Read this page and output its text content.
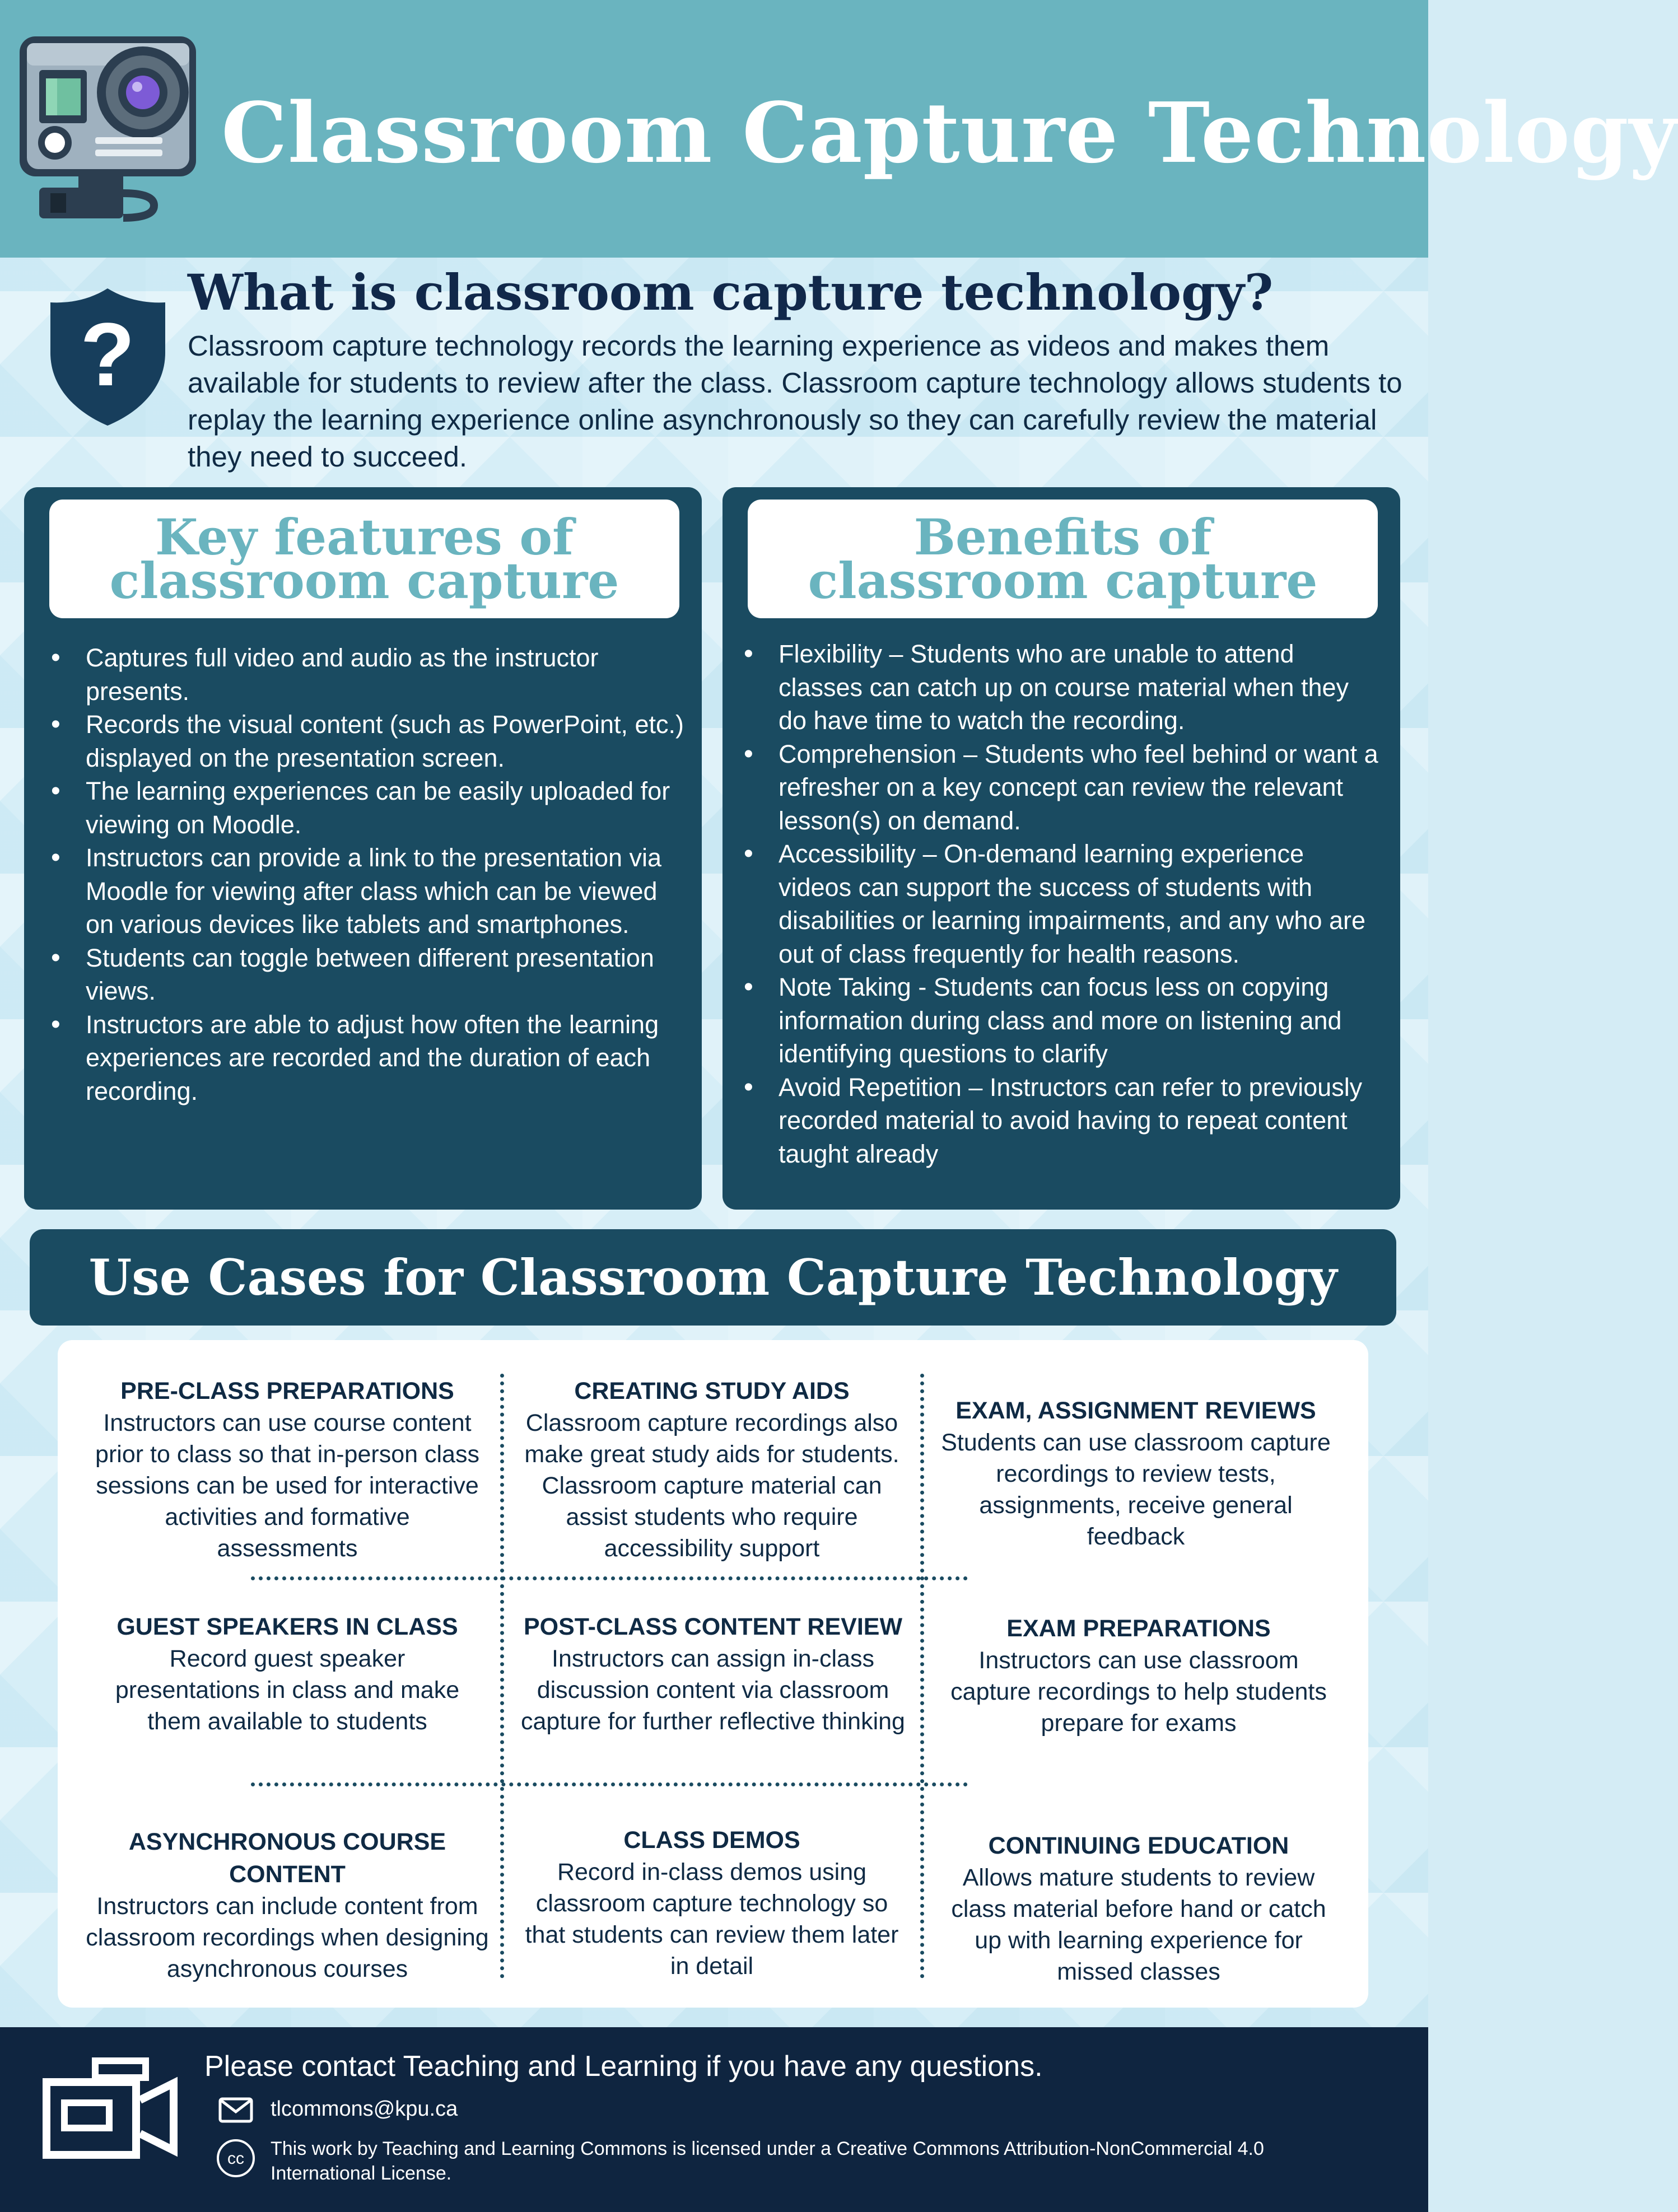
Classroom Capture Technology
?
What is classroom capture technology?
Classroom capture technology records the learning experience as videos and makes them available for students to review after the class. Classroom capture technology allows students to replay the learning experience online asynchronously so they can carefully review the material they need to succeed.
Key features of
classroom capture
• Captures full video and audio as the instructor presents.
• Records the visual content (such as PowerPoint, etc.) displayed on the presentation screen.
• The learning experiences can be easily uploaded for viewing on Moodle.
• Instructors can provide a link to the presentation via Moodle for viewing after class which can be viewed on various devices like tablets and smartphones.
• Students can toggle between different presentation views.
• Instructors are able to adjust how often the learning experiences are recorded and the duration of each recording.
Benefits of
classroom capture
• Flexibility – Students who are unable to attend classes can catch up on course material when they do have time to watch the recording.
• Comprehension – Students who feel behind or want a refresher on a key concept can review the relevant lesson(s) on demand.
• Accessibility – On-demand learning experience videos can support the success of students with disabilities or learning impairments, and any who are out of class frequently for health reasons.
• Note Taking - Students can focus less on copying information during class and more on listening and identifying questions to clarify
• Avoid Repetition – Instructors can refer to previously recorded material to avoid having to repeat content taught already
Use Cases for Classroom Capture Technology
PRE-CLASS PREPARATIONS
Instructors can use course content prior to class so that in-person class sessions can be used for interactive activities and formative assessments
CREATING STUDY AIDS
Classroom capture recordings also make great study aids for students. Classroom capture material can assist students who require accessibility support
EXAM, ASSIGNMENT REVIEWS
Students can use classroom capture recordings to review tests, assignments, receive general feedback
GUEST SPEAKERS IN CLASS
Record guest speaker presentations in class and make them available to students
POST-CLASS CONTENT REVIEW
Instructors can assign in-class discussion content via classroom capture for further reflective thinking
EXAM PREPARATIONS
Instructors can use classroom capture recordings to help students prepare for exams
ASYNCHRONOUS COURSE CONTENT
Instructors can include content from classroom recordings when designing asynchronous courses
CLASS DEMOS
Record in-class demos using classroom capture technology so that students can review them later in detail
CONTINUING EDUCATION
Allows mature students to review class material before hand or catch up with learning experience for missed classes
Please contact Teaching and Learning if you have any questions.
tlcommons@kpu.ca
cc This work by Teaching and Learning Commons is licensed under a Creative Commons Attribution-NonCommercial 4.0 International License.
